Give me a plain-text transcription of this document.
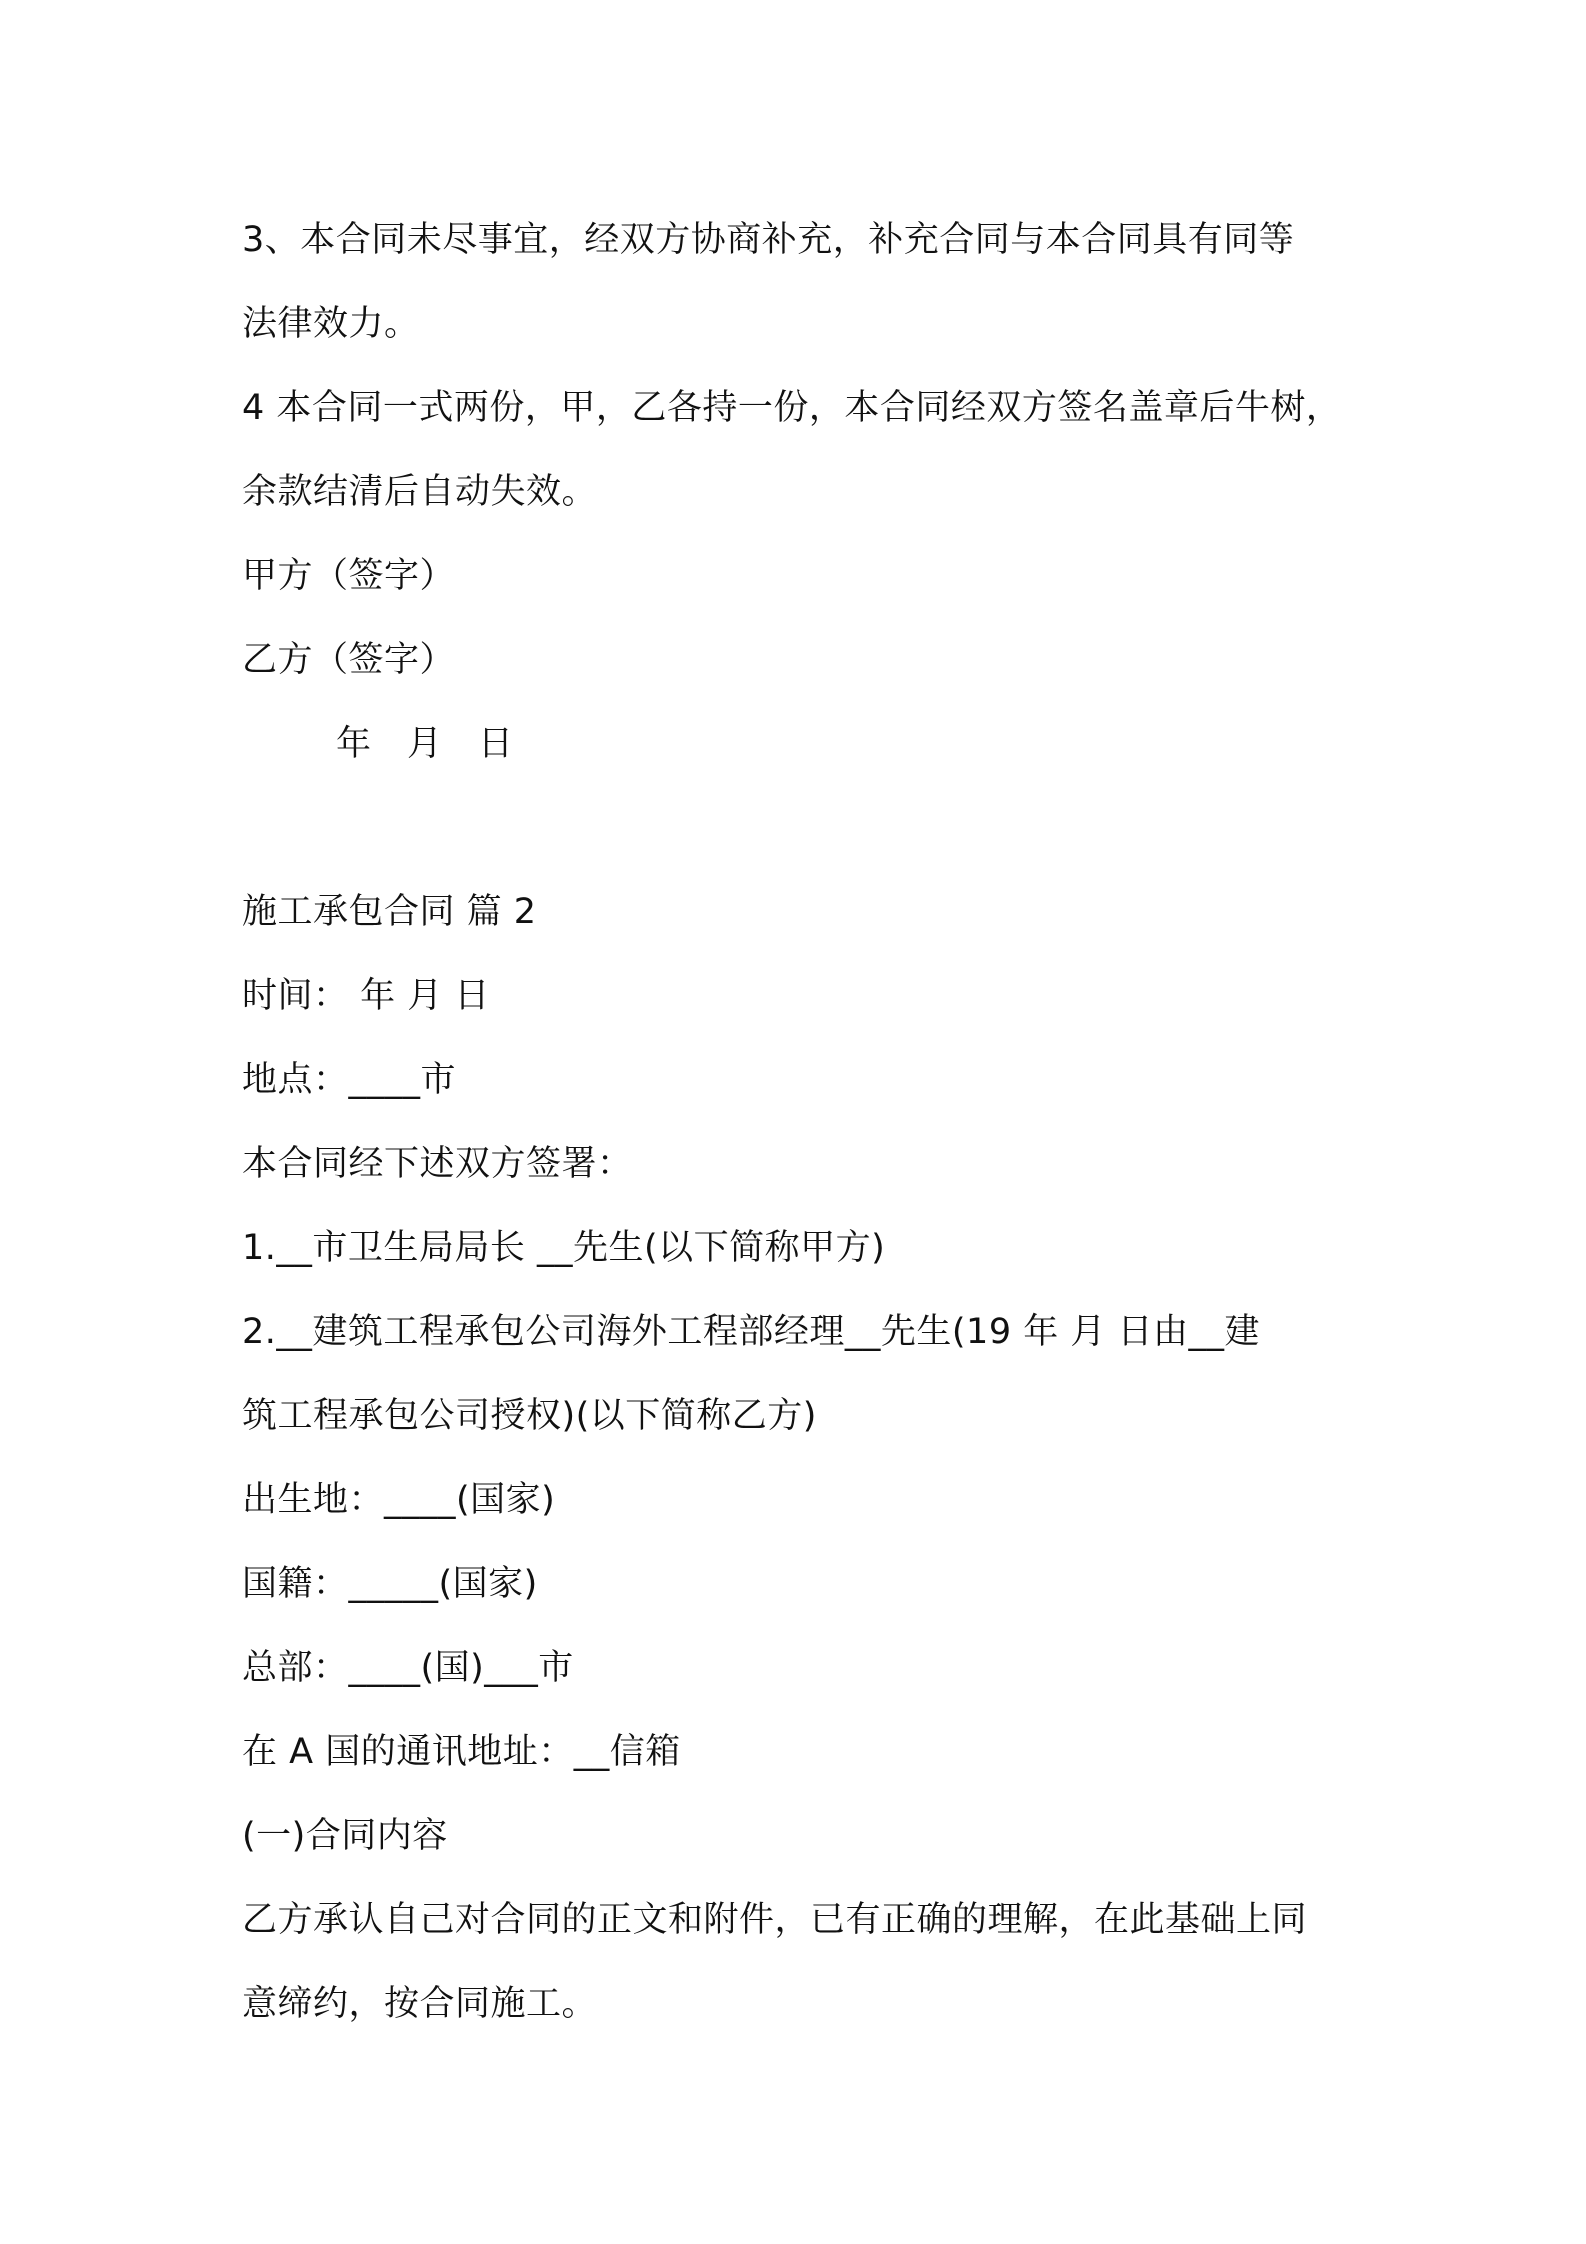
3、本合同未尽事宜，经双方协商补充，补充合同与本合同具有同等
法律效力。
4 本合同一式两份，甲，乙各持一份，本合同经双方签名盖章后牛树，
余款结清后自动失效。
甲方（签字）
乙方（签字）
年　月　日
施工承包合同 篇 2
时间： 年 月 日
地点：____市
本合同经下述双方签署：
1.__市卫生局局长 __先生(以下简称甲方)
2.__建筑工程承包公司海外工程部经理__先生(19 年 月 日由__建
筑工程承包公司授权)(以下简称乙方)
出生地：____(国家)
国籍：_____(国家)
总部：____(国)___市
在 A 国的通讯地址：__信箱
(一)合同内容
乙方承认自己对合同的正文和附件，已有正确的理解，在此基础上同
意缔约，按合同施工。
